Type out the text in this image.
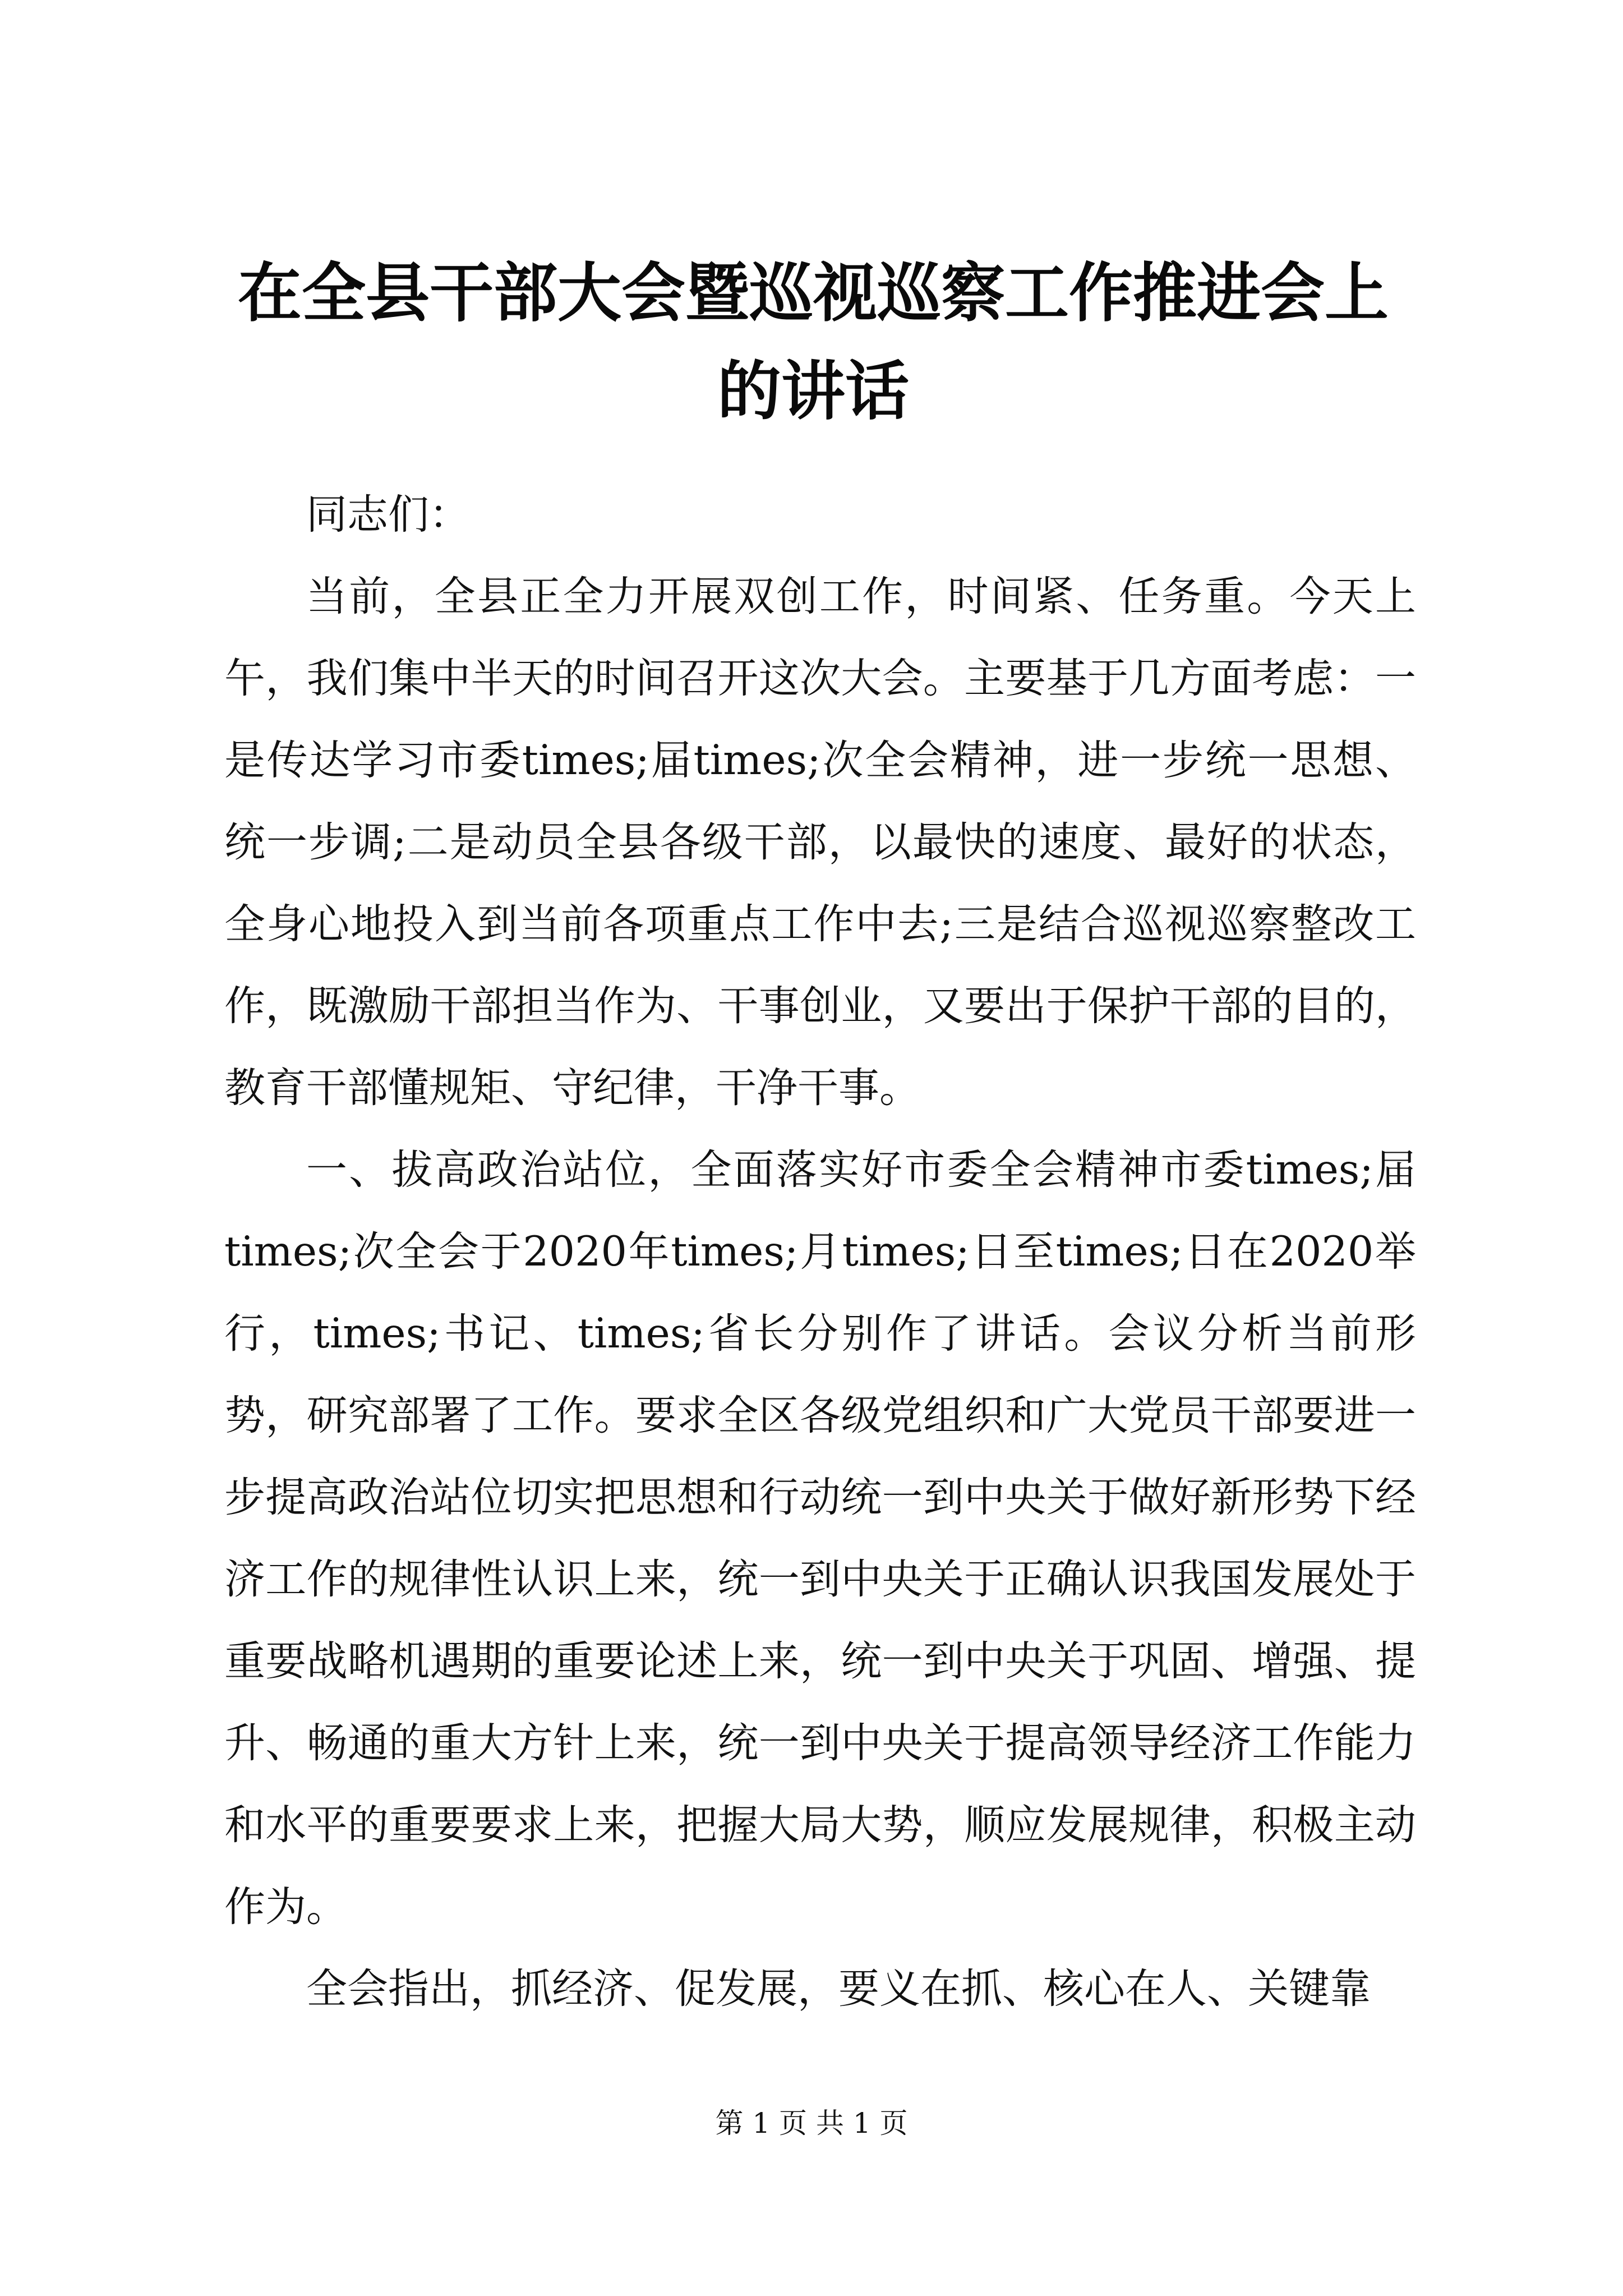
在全县干部大会暨巡视巡察工作推进会上的讲话

同志们：

当前，全县正全力开展双创工作，时间紧、任务重。今天上午，我们集中半天的时间召开这次大会。主要基于几方面考虑：一是传达学习市委times;届times;次全会精神，进一步统一思想、统一步调;二是动员全县各级干部，以最快的速度、最好的状态，全身心地投入到当前各项重点工作中去;三是结合巡视巡察整改工作，既激励干部担当作为、干事创业，又要出于保护干部的目的，教育干部懂规矩、守纪律，干净干事。

一、拔高政治站位，全面落实好市委全会精神市委times;届times;次全会于2020年times;月times;日至times;日在2020举行，times;书记、times;省长分别作了讲话。会议分析当前形势，研究部署了工作。要求全区各级党组织和广大党员干部要进一步提高政治站位切实把思想和行动统一到中央关于做好新形势下经济工作的规律性认识上来，统一到中央关于正确认识我国发展处于重要战略机遇期的重要论述上来，统一到中央关于巩固、增强、提升、畅通的重大方针上来，统一到中央关于提高领导经济工作能力和水平的重要要求上来，把握大局大势，顺应发展规律，积极主动作为。

全会指出，抓经济、促发展，要义在抓、核心在人、关键靠

第 1 页 共 1 页
